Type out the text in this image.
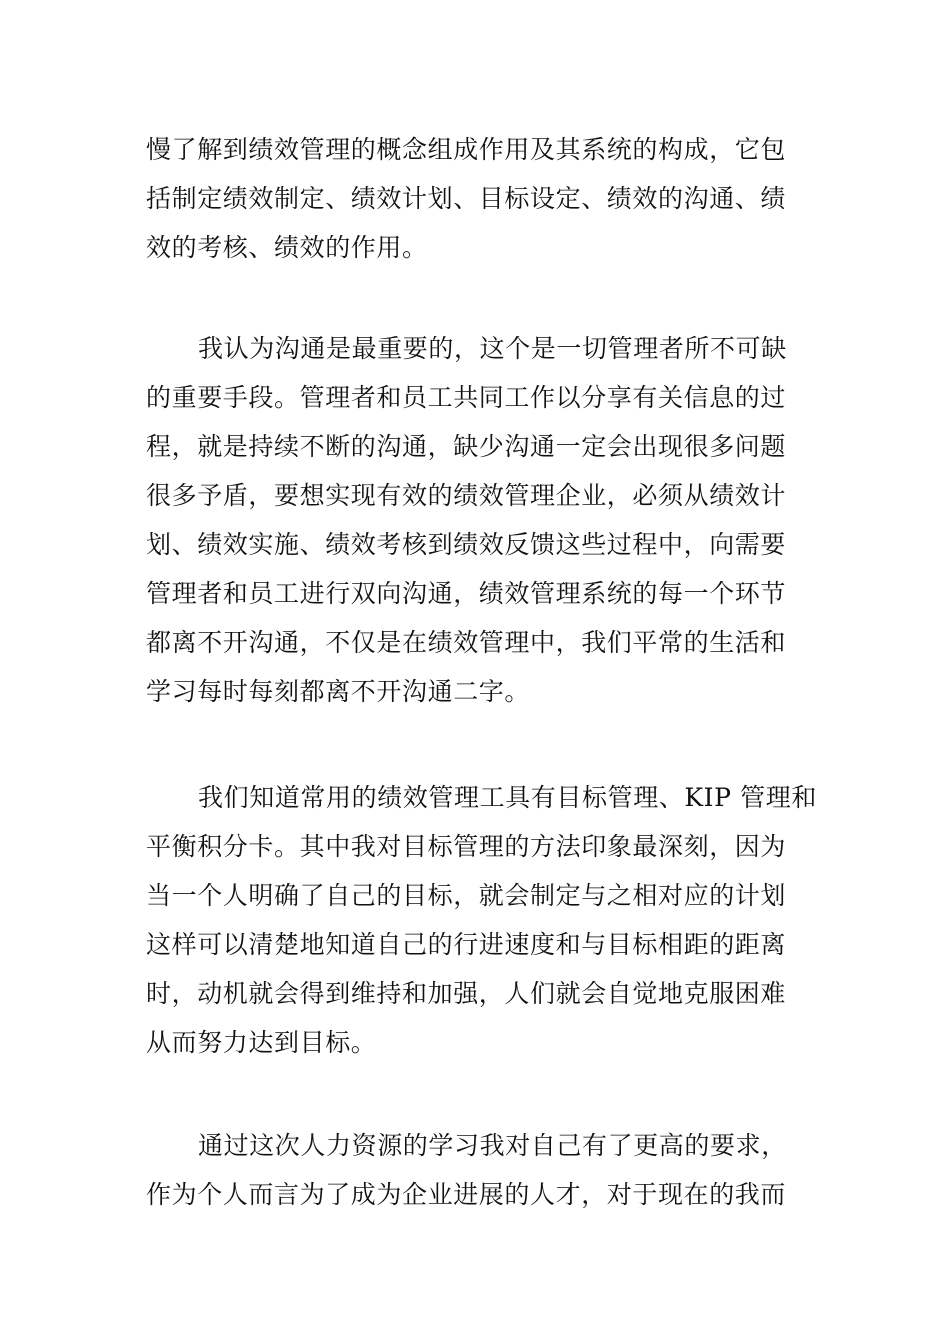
慢了解到绩效管理的概念组成作用及其系统的构成，它包
括制定绩效制定、绩效计划、目标设定、绩效的沟通、绩
效的考核、绩效的作用。
我认为沟通是最重要的，这个是一切管理者所不可缺
的重要手段。管理者和员工共同工作以分享有关信息的过
程，就是持续不断的沟通，缺少沟通一定会出现很多问题
很多予盾，要想实现有效的绩效管理企业，必须从绩效计
划、绩效实施、绩效考核到绩效反馈这些过程中，向需要
管理者和员工进行双向沟通，绩效管理系统的每一个环节
都离不开沟通，不仅是在绩效管理中，我们平常的生活和
学习每时每刻都离不开沟通二字。
我们知道常用的绩效管理工具有目标管理、KIP 管理和
平衡积分卡。其中我对目标管理的方法印象最深刻，因为
当一个人明确了自己的目标，就会制定与之相对应的计划
这样可以清楚地知道自己的行进速度和与目标相距的距离
时，动机就会得到维持和加强，人们就会自觉地克服困难
从而努力达到目标。
通过这次人力资源的学习我对自己有了更高的要求，
作为个人而言为了成为企业进展的人才，对于现在的我而
